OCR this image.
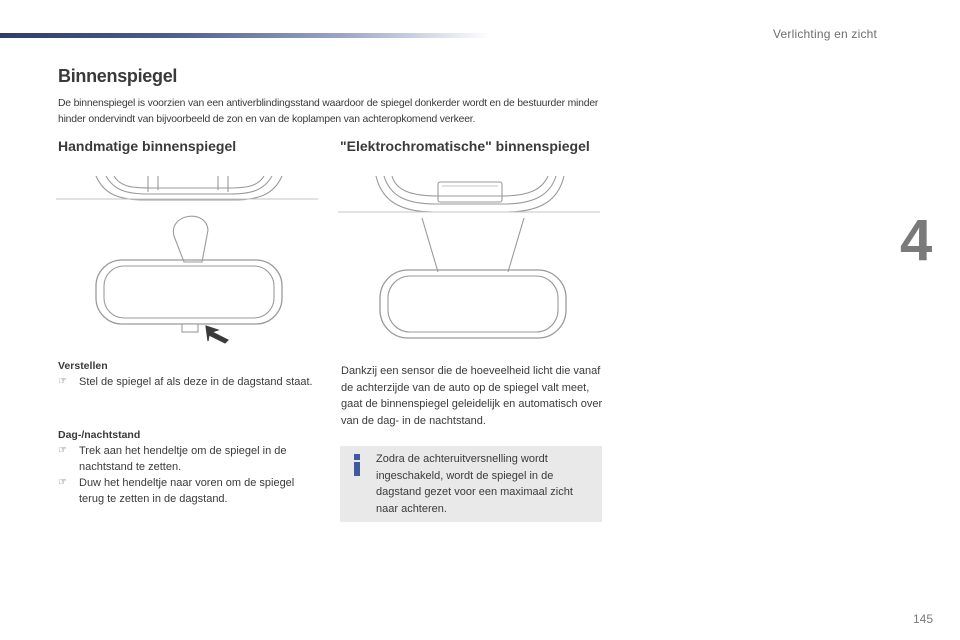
Verlichting en zicht
4
Binnenspiegel
De binnenspiegel is voorzien van een antiverblindingsstand waardoor de spiegel donkerder wordt en de bestuurder minder hinder ondervindt van bijvoorbeeld de zon en van de koplampen van achteropkomend verkeer.
Handmatige binnenspiegel	"Elektrochromatische" binnenspiegel
Verstellen
☞ Stel de spiegel af als deze in de dagstand staat.
Dag-/nachtstand
☞ Trek aan het hendeltje om de spiegel in de nachtstand te zetten.
☞ Duw het hendeltje naar voren om de spiegel terug te zetten in de dagstand.
Dankzij een sensor die de hoeveelheid licht die vanaf de achterzijde van de auto op de spiegel valt meet, gaat de binnenspiegel geleidelijk en automatisch over van de dag- in de nachtstand.
Zodra de achteruitversnelling wordt ingeschakeld, wordt de spiegel in de dagstand gezet voor een maximaal zicht naar achteren.
145
